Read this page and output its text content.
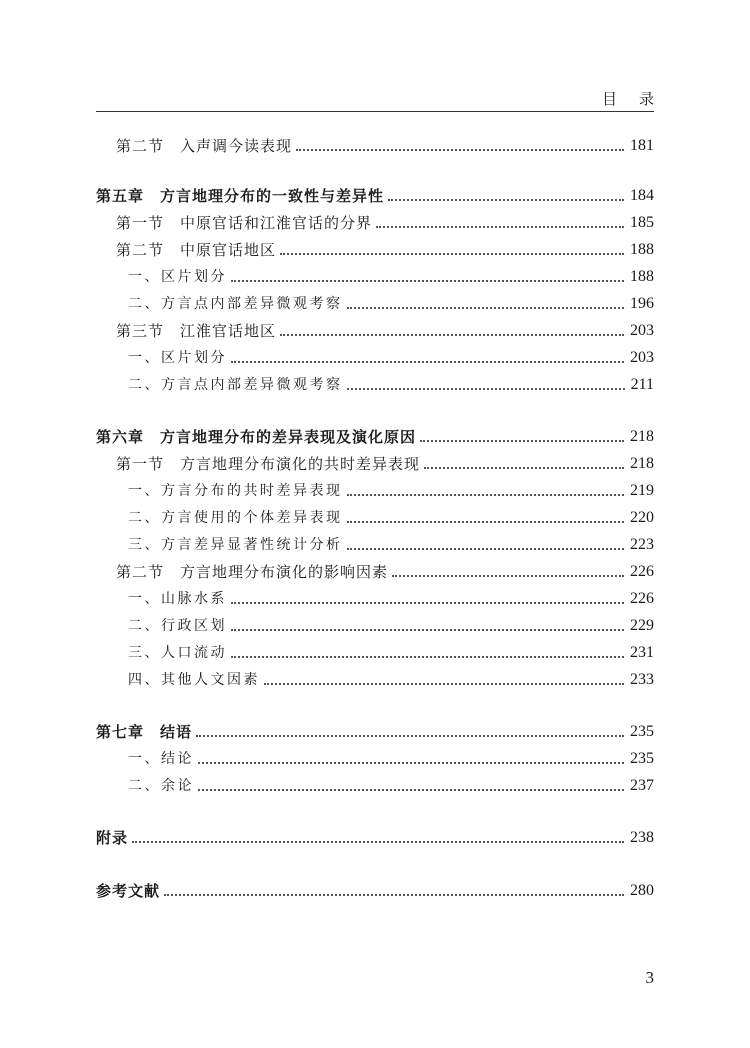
目录
第二节　入声调今读表现	181
第五章　方言地理分布的一致性与差异性	184
第一节　中原官话和江淮官话的分界	185
第二节　中原官话地区	188
一、区片划分	188
二、方言点内部差异微观考察	196
第三节　江淮官话地区	203
一、区片划分	203
二、方言点内部差异微观考察	211
第六章　方言地理分布的差异表现及演化原因	218
第一节　方言地理分布演化的共时差异表现	218
一、方言分布的共时差异表现	219
二、方言使用的个体差异表现	220
三、方言差异显著性统计分析	223
第二节　方言地理分布演化的影响因素	226
一、山脉水系	226
二、行政区划	229
三、人口流动	231
四、其他人文因素	233
第七章　结语	235
一、结论	235
二、余论	237
附录	238
参考文献	280
3
